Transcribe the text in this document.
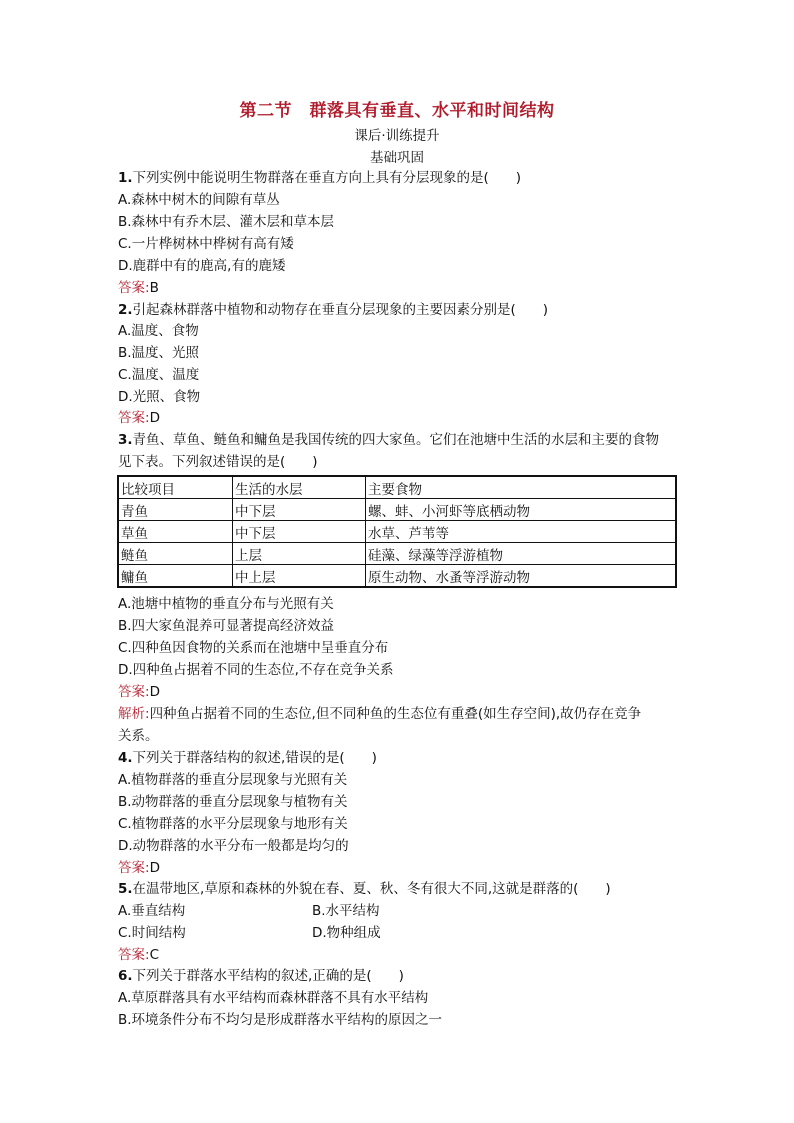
第二节　群落具有垂直、水平和时间结构
课后·训练提升
基础巩固
1.下列实例中能说明生物群落在垂直方向上具有分层现象的是(　　)
A.森林中树木的间隙有草丛
B.森林中有乔木层、灌木层和草本层
C.一片桦树林中桦树有高有矮
D.鹿群中有的鹿高,有的鹿矮
答案:B
2.引起森林群落中植物和动物存在垂直分层现象的主要因素分别是(　　)
A.温度、食物
B.温度、光照
C.温度、温度
D.光照、食物
答案:D
3.青鱼、草鱼、鲢鱼和鳙鱼是我国传统的四大家鱼。它们在池塘中生活的水层和主要的食物
见下表。下列叙述错误的是(　　)
比较项目	生活的水层	主要食物
青鱼	中下层	螺、蚌、小河虾等底栖动物
草鱼	中下层	水草、芦苇等
鲢鱼	上层	硅藻、绿藻等浮游植物
鳙鱼	中上层	原生动物、水蚤等浮游动物
A.池塘中植物的垂直分布与光照有关
B.四大家鱼混养可显著提高经济效益
C.四种鱼因食物的关系而在池塘中呈垂直分布
D.四种鱼占据着不同的生态位,不存在竞争关系
答案:D
解析:四种鱼占据着不同的生态位,但不同种鱼的生态位有重叠(如生存空间),故仍存在竞争
关系。
4.下列关于群落结构的叙述,错误的是(　　)
A.植物群落的垂直分层现象与光照有关
B.动物群落的垂直分层现象与植物有关
C.植物群落的水平分层现象与地形有关
D.动物群落的水平分布一般都是均匀的
答案:D
5.在温带地区,草原和森林的外貌在春、夏、秋、冬有很大不同,这就是群落的(　　)
A.垂直结构	B.水平结构
C.时间结构	D.物种组成
答案:C
6.下列关于群落水平结构的叙述,正确的是(　　)
A.草原群落具有水平结构而森林群落不具有水平结构
B.环境条件分布不均匀是形成群落水平结构的原因之一
